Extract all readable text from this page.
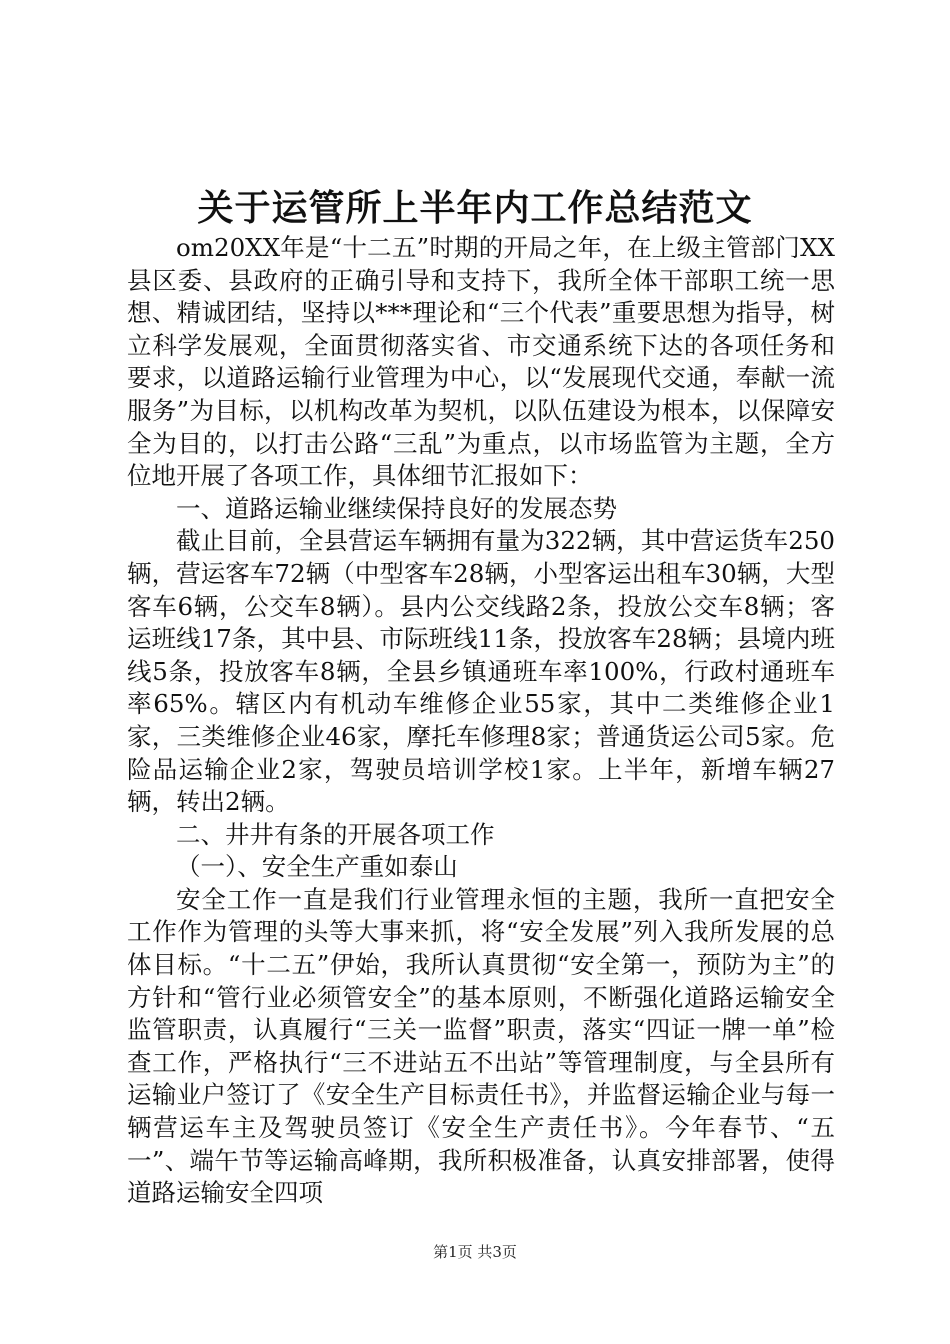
关于运管所上半年内工作总结范文

om20XX年是“十二五”时期的开局之年，在上级主管部门XX县区委、县政府的正确引导和支持下，我所全体干部职工统一思想、精诚团结，坚持以***理论和“三个代表”重要思想为指导，树立科学发展观，全面贯彻落实省、市交通系统下达的各项任务和要求，以道路运输行业管理为中心，以“发展现代交通，奉献一流服务”为目标，以机构改革为契机，以队伍建设为根本，以保障安全为目的，以打击公路“三乱”为重点，以市场监管为主题，全方位地开展了各项工作，具体细节汇报如下：

一、道路运输业继续保持良好的发展态势

截止目前，全县营运车辆拥有量为322辆，其中营运货车250辆，营运客车72辆（中型客车28辆，小型客运出租车30辆，大型客车6辆，公交车8辆）。县内公交线路2条，投放公交车8辆；客运班线17条，其中县、市际班线11条，投放客车28辆；县境内班线5条，投放客车8辆，全县乡镇通班车率100%，行政村通班车率65%。辖区内有机动车维修企业55家，其中二类维修企业1家，三类维修企业46家，摩托车修理8家；普通货运公司5家。危险品运输企业2家，驾驶员培训学校1家。上半年，新增车辆27辆，转出2辆。

二、井井有条的开展各项工作

（一）、安全生产重如泰山

安全工作一直是我们行业管理永恒的主题，我所一直把安全工作作为管理的头等大事来抓，将“安全发展”列入我所发展的总体目标。“十二五”伊始，我所认真贯彻“安全第一，预防为主”的方针和“管行业必须管安全”的基本原则，不断强化道路运输安全监管职责，认真履行“三关一监督”职责，落实“四证一牌一单”检查工作，严格执行“三不进站五不出站”等管理制度，与全县所有运输业户签订了《安全生产目标责任书》，并监督运输企业与每一辆营运车主及驾驶员签订《安全生产责任书》。今年春节、“五一”、端午节等运输高峰期，我所积极准备，认真安排部署，使得道路运输安全四项

第1页 共3页
